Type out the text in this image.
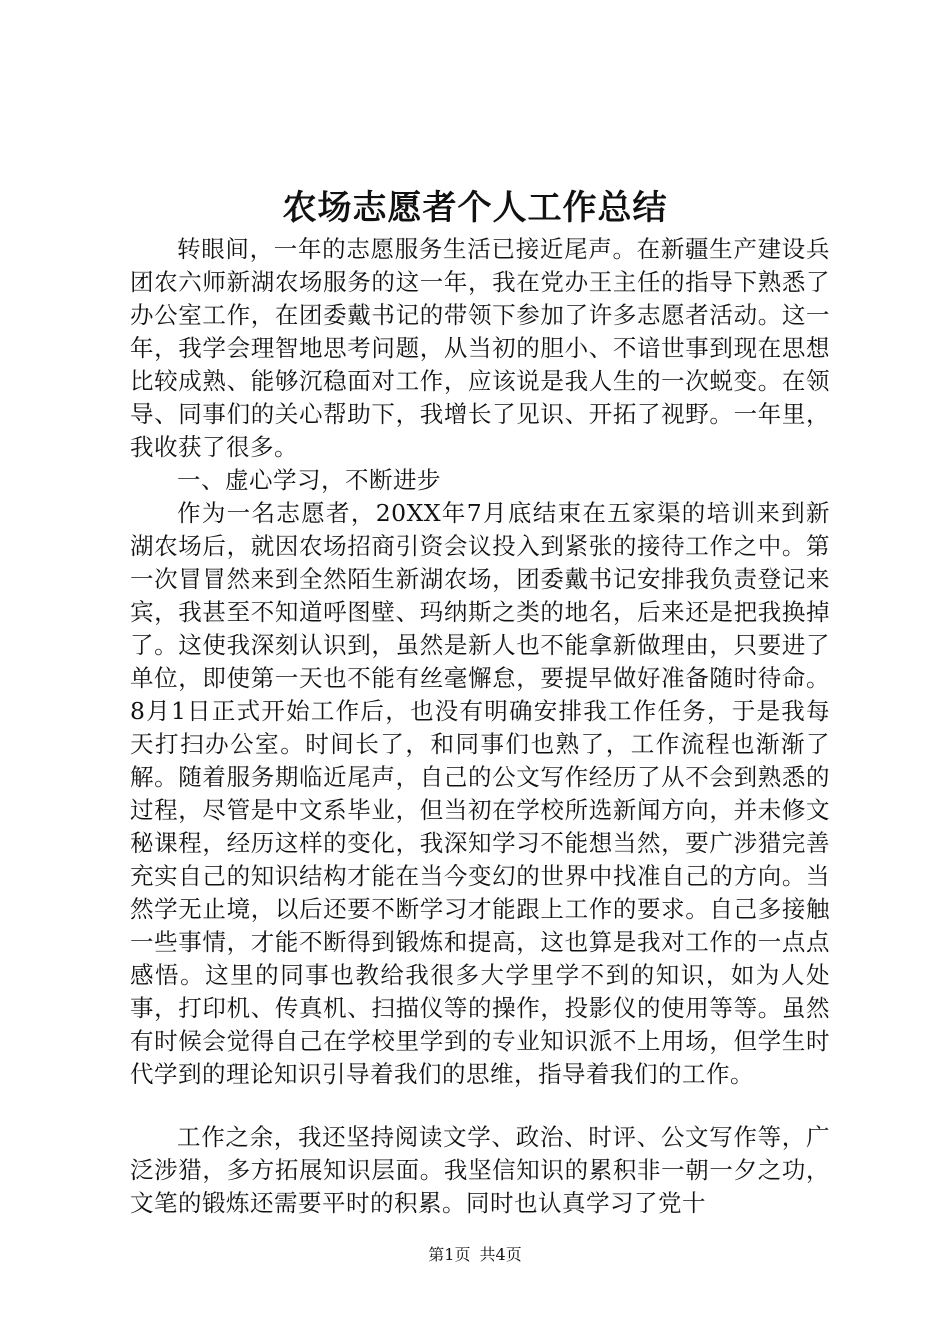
农场志愿者个人工作总结

转眼间，一年的志愿服务生活已接近尾声。在新疆生产建设兵团农六师新湖农场服务的这一年，我在党办王主任的指导下熟悉了办公室工作，在团委戴书记的带领下参加了许多志愿者活动。这一年，我学会理智地思考问题，从当初的胆小、不谙世事到现在思想比较成熟、能够沉稳面对工作，应该说是我人生的一次蜕变。在领导、同事们的关心帮助下，我增长了见识、开拓了视野。一年里，我收获了很多。

一、虚心学习，不断进步

作为一名志愿者，20XX年7月底结束在五家渠的培训来到新湖农场后，就因农场招商引资会议投入到紧张的接待工作之中。第一次冒冒然来到全然陌生新湖农场，团委戴书记安排我负责登记来宾，我甚至不知道呼图壁、玛纳斯之类的地名，后来还是把我换掉了。这使我深刻认识到，虽然是新人也不能拿新做理由，只要进了单位，即使第一天也不能有丝毫懈怠，要提早做好准备随时待命。8月1日正式开始工作后，也没有明确安排我工作任务，于是我每天打扫办公室。时间长了，和同事们也熟了，工作流程也渐渐了解。随着服务期临近尾声，自己的公文写作经历了从不会到熟悉的过程，尽管是中文系毕业，但当初在学校所选新闻方向，并未修文秘课程，经历这样的变化，我深知学习不能想当然，要广涉猎完善充实自己的知识结构才能在当今变幻的世界中找准自己的方向。当然学无止境，以后还要不断学习才能跟上工作的要求。自己多接触一些事情，才能不断得到锻炼和提高，这也算是我对工作的一点点感悟。这里的同事也教给我很多大学里学不到的知识，如为人处事，打印机、传真机、扫描仪等的操作，投影仪的使用等等。虽然有时候会觉得自己在学校里学到的专业知识派不上用场，但学生时代学到的理论知识引导着我们的思维，指导着我们的工作。

工作之余，我还坚持阅读文学、政治、时评、公文写作等，广泛涉猎，多方拓展知识层面。我坚信知识的累积非一朝一夕之功，文笔的锻炼还需要平时的积累。同时也认真学习了党十

第1页 共4页
